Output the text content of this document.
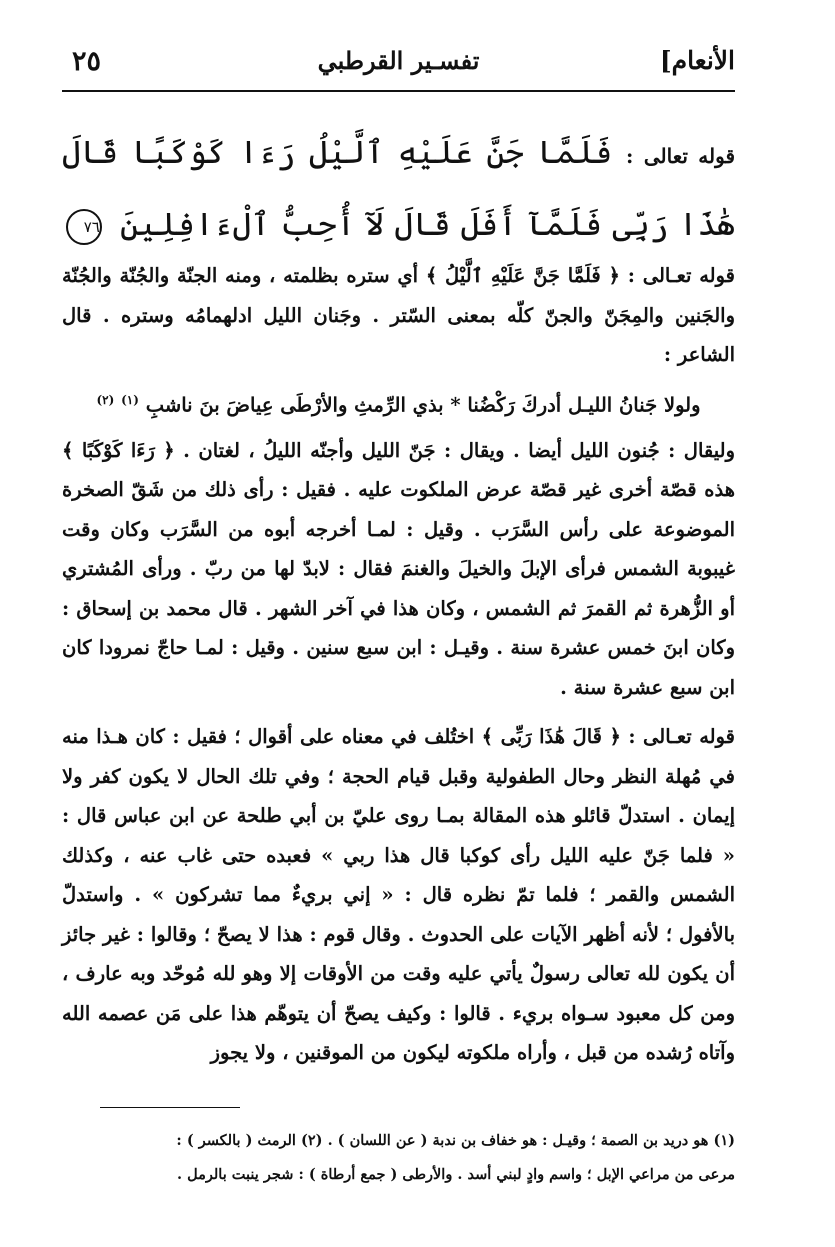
الأنعام]
تفسـير القرطبي
٢٥
قوله تعالى : فَلَمَّا جَنَّ عَلَيْهِ ٱلَّيْلُ رَءَا كَوْكَبًا قَالَ هَٰذَا رَبِّى فَلَمَّآ أَفَلَ قَالَ لَآ أُحِبُّ ٱلْءَافِلِينَ ٧٦

قوله تعـالى : ﴿ فَلَمَّا جَنَّ عَلَيْهِ ٱلَّيْلُ ﴾ أي ستره بظلمته ، ومنه الجنّة والجُنّة والجُنّة والجَنين والمِجَنّ والجنّ كلّه بمعنى السّتر . وجَنان الليل ادلهمامُه وستره . قال الشاعر :

ولولا جَنانُ الليـل أدركَ رَكْضُنا * بذي الرِّمثِ والأرْطَى عِياضَ بنَ ناشبِ $^{(١)}$ $^{(٢)}$

وليقال : جُنون الليل أيضا . ويقال : جَنّ الليل وأجنّه الليلُ ، لغتان . ﴿ رَءَا كَوْكَبًا ﴾ هذه قصّة أخرى غير قصّة عرض الملكوت عليه . فقيل : رأى ذلك من شَقّ الصخرة الموضوعة على رأس السَّرَب . وقيل : لمـا أخرجه أبوه من السَّرَب وكان وقت غيبوبة الشمس فرأى الإبلَ والخيلَ والغنمَ فقال : لابدّ لها من ربّ . ورأى المُشتري أو الزُّهرة ثم القمرَ ثم الشمس ، وكان هذا في آخر الشهر . قال محمد بن إسحاق : وكان ابنَ خمس عشرة سنة . وقيـل : ابن سبع سنين . وقيل : لمـا حاجّ نمرودا كان ابن سبع عشرة سنة .

قوله تعـالى : ﴿ قَالَ هَٰذَا رَبِّى ﴾ اختُلف في معناه على أقوال ؛ فقيل : كان هـذا منه في مُهلة النظر وحال الطفولية وقبل قيام الحجة ؛ وفي تلك الحال لا يكون كفر ولا إيمان . استدلّ قائلو هذه المقالة بمـا روى عليّ بن أبي طلحة عن ابن عباس قال : « فلما جَنّ عليه الليل رأى كوكبا قال هذا ربي » فعبده حتى غاب عنه ، وكذلك الشمس والقمر ؛ فلما تمّ نظره قال : « إني بريءٌ مما تشركون » . واستدلّ بالأفول ؛ لأنه أظهر الآيات على الحدوث . وقال قوم : هذا لا يصحّ ؛ وقالوا : غير جائز أن يكون لله تعالى رسولٌ يأتي عليه وقت من الأوقات إلا وهو لله مُوحّد وبه عارف ، ومن كل معبود سـواه بريء . قالوا : وكيف يصحّ أن يتوهّم هذا على مَن عصمه الله وآتاه رُشده من قبل ، وأراه ملكوته ليكون من الموقنين ، ولا يجوز

(١) هو دريد بن الصمة ؛ وقيـل : هو خفاف بن ندبة ( عن اللسان ) . (٢) الرمث ( بالكسر ) :

مرعى من مراعي الإبل ؛ واسم وادٍ لبني أسد . والأرطى ( جمع أرطاة ) : شجر ينبت بالرمل .
